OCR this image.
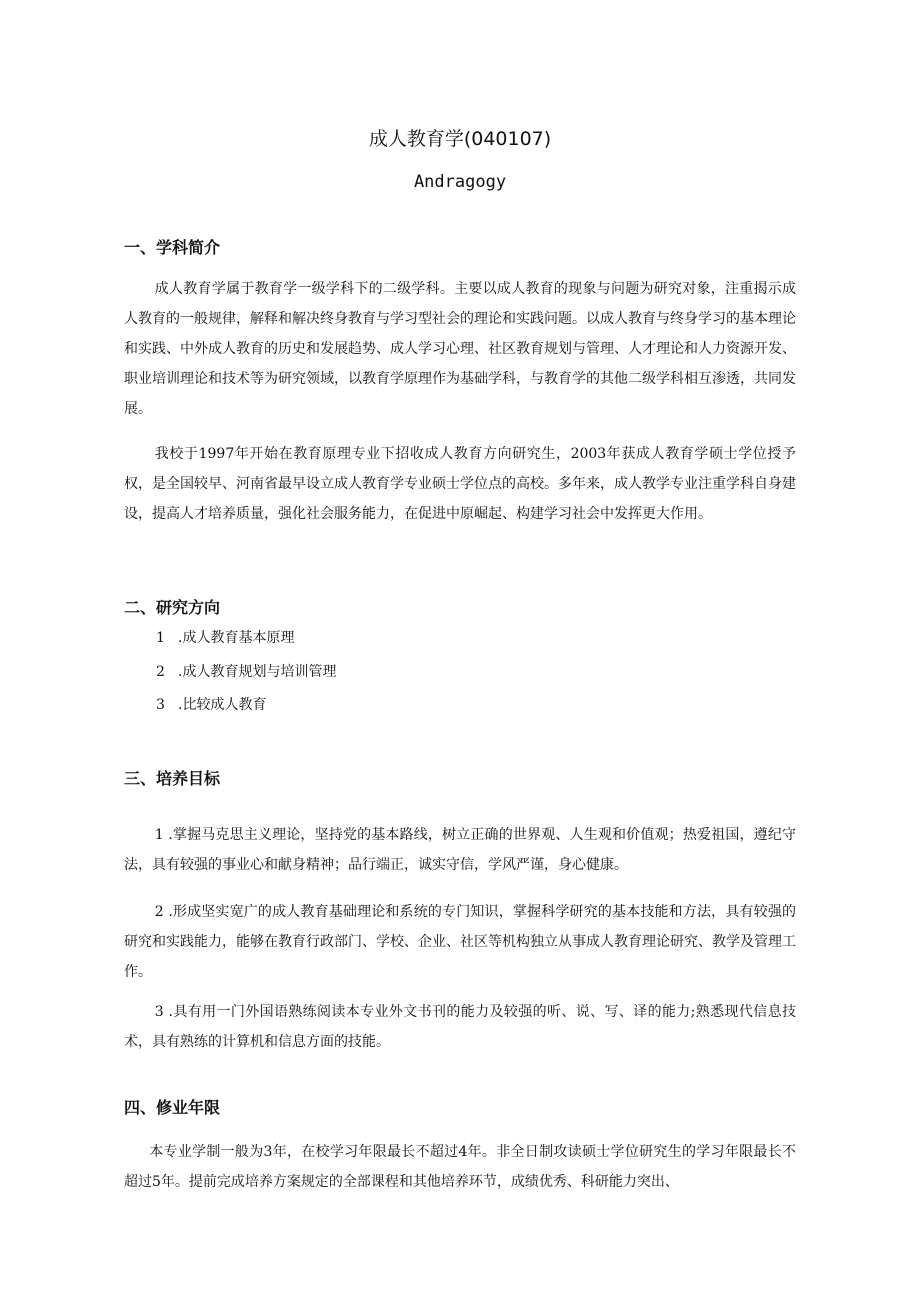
成人教育学(040107)
Andragogy
一、学科简介

成人教育学属于教育学一级学科下的二级学科。主要以成人教育的现象与问题为研究对象，注重揭示成人教育的一般规律，解释和解决终身教育与学习型社会的理论和实践问题。以成人教育与终身学习的基本理论和实践、中外成人教育的历史和发展趋势、成人学习心理、社区教育规划与管理、人才理论和人力资源开发、职业培训理论和技术等为研究领域，以教育学原理作为基础学科，与教育学的其他二级学科相互渗透，共同发展。

我校于1997年开始在教育原理专业下招收成人教育方向研究生，2003年获成人教育学硕士学位授予权，是全国较早、河南省最早设立成人教育学专业硕士学位点的高校。多年来，成人教学专业注重学科自身建设，提高人才培养质量，强化社会服务能力，在促进中原崛起、构建学习社会中发挥更大作用。

二、研究方向
1 .成人教育基本原理
2 .成人教育规划与培训管理
3 .比较成人教育
三、培养目标

1 .掌握马克思主义理论，坚持党的基本路线，树立正确的世界观、人生观和价值观；热爱祖国，遵纪守法，具有较强的事业心和献身精神；品行端正，诚实守信，学风严谨，身心健康。

2 .形成坚实宽广的成人教育基础理论和系统的专门知识，掌握科学研究的基本技能和方法，具有较强的研究和实践能力，能够在教育行政部门、学校、企业、社区等机构独立从事成人教育理论研究、教学及管理工作。

3 .具有用一门外国语熟练阅读本专业外文书刊的能力及较强的听、说、写、译的能力;熟悉现代信息技术，具有熟练的计算机和信息方面的技能。

四、修业年限

本专业学制一般为3年，在校学习年限最长不超过4年。非全日制攻读硕士学位研究生的学习年限最长不超过5年。提前完成培养方案规定的全部课程和其他培养环节，成绩优秀、科研能力突出、
